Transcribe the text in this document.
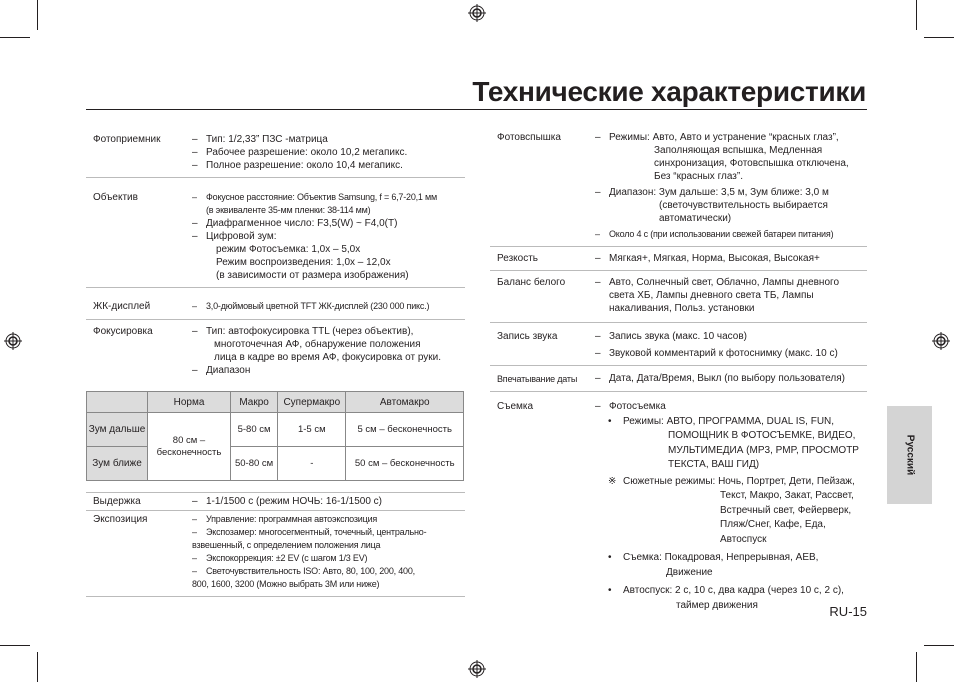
Технические характеристики
Фотоприемник	– Тип: 1/2,33” ПЗС -матрица
– Рабочее разрешение: около 10,2 мегапикс.
– Полное разрешение: около 10,4 мегапикс.
Объектив	– Фокусное расстояние: Объектив Samsung, f = 6,7-20,1 мм
(в эквиваленте 35-мм пленки: 38-114 мм)
– Диафрагменное число: F3,5(W) ~ F4,0(T)
– Цифровой зум:
режим Фотосъемка: 1,0x – 5,0x
Режим воспроизведения: 1,0x – 12,0x
(в зависимости от размера изображения)
ЖК-дисплей	– 3,0-дюймовый цветной TFT ЖК-дисплей (230 000 пикс.)
Фокусировка	– Тип: автофокусировка TTL (через объектив),
многоточечная АФ, обнаружение положения
лица в кадре во время АФ, фокусировка от руки.
– Диапазон
	Норма	Макро	Супермакро	Автомакро
Зум дальше	80 см – бесконечность	5-80 см	1-5 см	5 см – бесконечность
Зум ближе		50-80 см	-	50 см – бесконечность
Выдержка	– 1-1/1500 с (режим НОЧЬ: 16-1/1500 с)
Экспозиция	– Управление: программная автоэкспозиция
– Экспозамер: многосегментный, точечный, центрально-
взвешенный, с определением положения лица
– Экспокоррекция: ±2 EV (с шагом 1/3 EV)
– Светочувствительность ISO: Авто, 80, 100, 200, 400,
800, 1600, 3200 (Можно выбрать 3М или ниже)
Фотовспышка	– Режимы: Авто, Авто и устранение “красных глаз”,
Заполняющая вспышка, Медленная
синхронизация, Фотовспышка отключена,
Без “красных глаз”.
– Диапазон: Зум дальше: 3,5 м, Зум ближе: 3,0 м
(светочувствительность выбирается
автоматически)
– Около 4 с (при использовании свежей батареи питания)
Резкость	– Мягкая+, Мягкая, Норма, Высокая, Высокая+
Баланс белого	– Авто, Солнечный свет, Облачно, Лампы дневного
света ХБ, Лампы дневного света ТБ, Лампы
накаливания, Польз. установки
Запись звука	– Запись звука (макс. 10 часов)
– Звуковой комментарий к фотоснимку (макс. 10 с)
Впечатывание даты	– Дата, Дата/Время, Выкл (по выбору пользователя)
Съемка	– Фотосъемка
• Режимы: АВТО, ПРОГРАММА, DUAL IS, FUN,
ПОМОЩНИК В ФОТОСЪЕМКЕ, ВИДЕО,
МУЛЬТИМЕДИА (MP3, PMP, ПРОСМОТР
ТЕКСТА, ВАШ ГИД)
※ Сюжетные режимы: Ночь, Портрет, Дети, Пейзаж,
Текст, Макро, Закат, Рассвет,
Встречный свет, Фейерверк,
Пляж/Снег, Кафе, Еда,
Автоспуск
• Съемка: Покадровая, Непрерывная, AEB,
Движение
• Автоспуск: 2 с, 10 с, два кадра (через 10 с, 2 с),
таймер движения
Русский
RU-15
